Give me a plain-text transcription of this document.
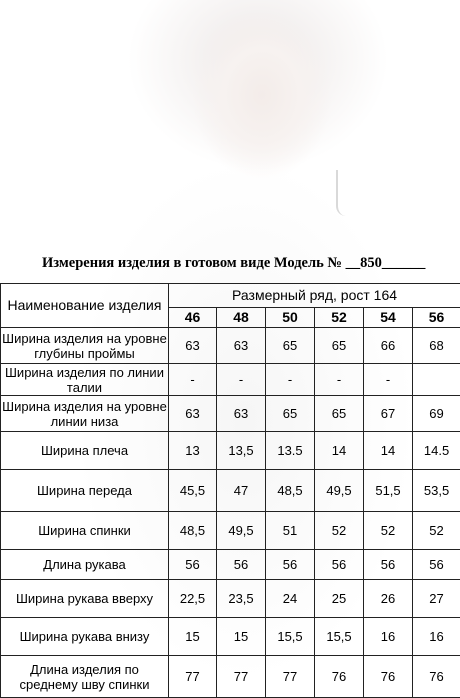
Измерения изделия в готовом виде Модель № __850______
Наименование изделия	Размерный ряд, рост 164					
	46	48	50	52	54	56
Ширина изделия на уровне глубины проймы	63	63	65	65	66	68
Ширина изделия по линии талии	-	-	-	-	-	
Ширина изделия на уровне линии низа	63	63	65	65	67	69
Ширина плеча	13	13,5	13.5	14	14	14.5
Ширина переда	45,5	47	48,5	49,5	51,5	53,5
Ширина спинки	48,5	49,5	51	52	52	52
Длина рукава	56	56	56	56	56	56
Ширина рукава вверху	22,5	23,5	24	25	26	27
Ширина рукава внизу	15	15	15,5	15,5	16	16
Длина изделия по среднему шву спинки	77	77	77	76	76	76
